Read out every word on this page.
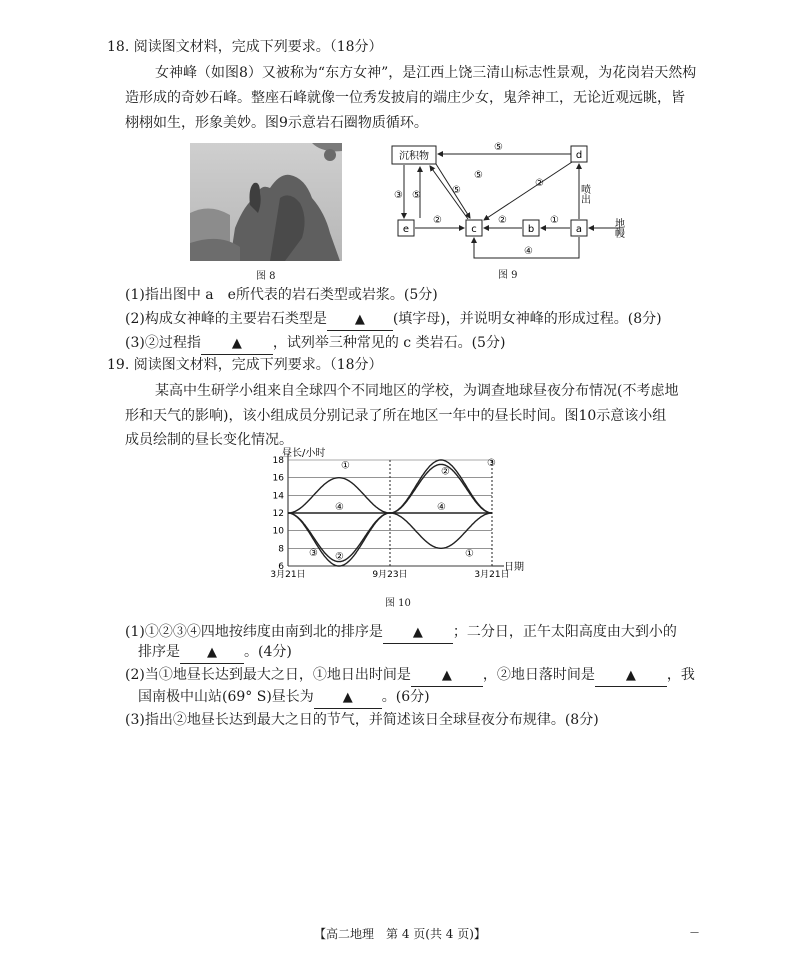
18. 阅读图文材料，完成下列要求。（18分）
女神峰（如图8）又被称为“东方女神”，是江西上饶三清山标志性景观，为花岗岩天然构
造形成的奇妙石峰。整座石峰就像一位秀发披肩的端庄少女，鬼斧神工，无论近观远眺，皆
栩栩如生，形象美妙。图9示意岩石圈物质循环。
图 8
沉积物	d
e	c	b	a
⑤
③ ⑤	⑤
⑤
②
喷出
②	②	①
④
地幔
图 9
(1)指出图中 a　e所代表的岩石类型或岩浆。(5分)
(2)构成女神峰的主要岩石类型是 ▲ (填字母)，并说明女神峰的形成过程。(8分)
(3)②过程指 ▲ ，试列举三种常见的 c 类岩石。(5分)
19. 阅读图文材料，完成下列要求。（18分）
某高中生研学小组来自全球四个不同地区的学校，为调查地球昼夜分布情况(不考虑地
形和天气的影响)，该小组成员分别记录了所在地区一年中的昼长时间。图10示意该小组
成员绘制的昼长变化情况。
昼长/小时
日期
6
8
10
12
14
16
18	①
①
②
②
③
③
④	④
3月21日	9月23日	3月21日
图 10
(1)①②③④四地按纬度由南到北的排序是 ▲ ；二分日，正午太阳高度由大到小的
排序是 ▲ 。(4分)
(2)当①地昼长达到最大之日，①地日出时间是 ▲ ，②地日落时间是 ▲ ，我
国南极中山站(69° S)昼长为 ▲ 。(6分)
(3)指出②地昼长达到最大之日的节气，并简述该日全球昼夜分布规律。(8分)
【高二地理　第 4 页(共 4 页)】	—
